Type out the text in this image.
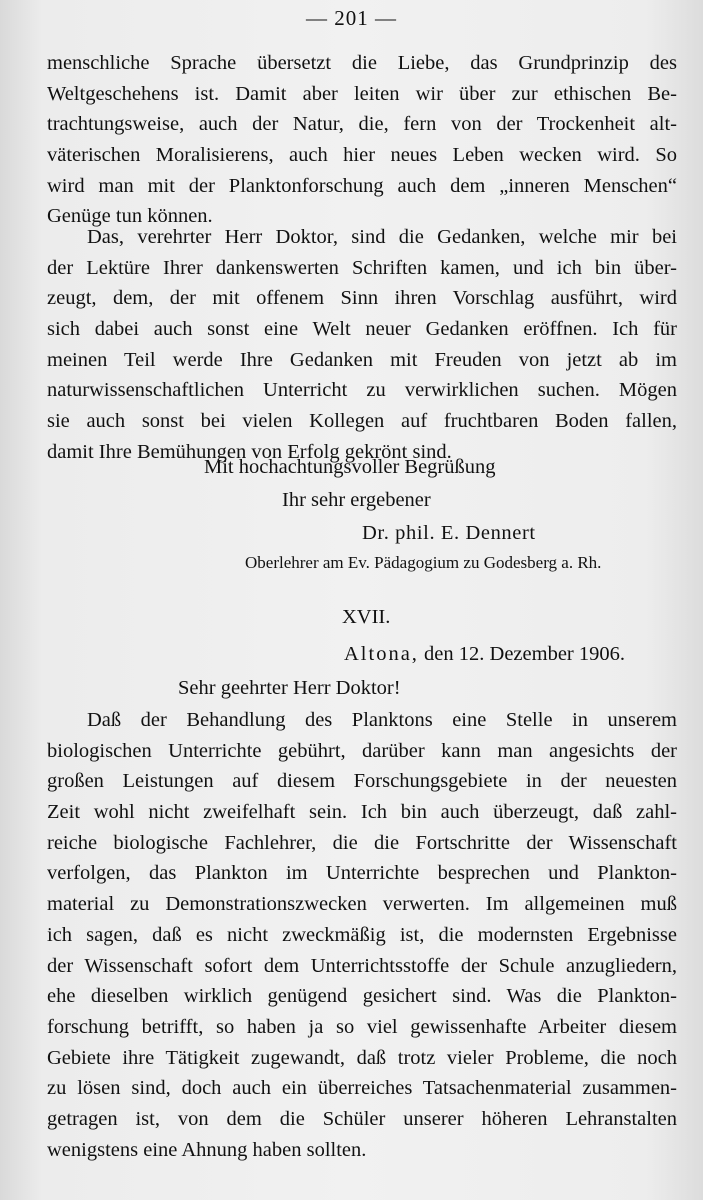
— 201 —
menschliche Sprache übersetzt die Liebe, das Grundprinzip des
Weltgeschehens ist. Damit aber leiten wir über zur ethischen Be-
trachtungsweise, auch der Natur, die, fern von der Trockenheit alt-
väterischen Moralisierens, auch hier neues Leben wecken wird. So
wird man mit der Planktonforschung auch dem „inneren Menschen“
Genüge tun können.
Das, verehrter Herr Doktor, sind die Gedanken, welche mir bei
der Lektüre Ihrer dankenswerten Schriften kamen, und ich bin über-
zeugt, dem, der mit offenem Sinn ihren Vorschlag ausführt, wird
sich dabei auch sonst eine Welt neuer Gedanken eröffnen. Ich für
meinen Teil werde Ihre Gedanken mit Freuden von jetzt ab im
naturwissenschaftlichen Unterricht zu verwirklichen suchen. Mögen
sie auch sonst bei vielen Kollegen auf fruchtbaren Boden fallen,
damit Ihre Bemühungen von Erfolg gekrönt sind.
Mit hochachtungsvoller Begrüßung
Ihr sehr ergebener
Dr. phil. E. Dennert
Oberlehrer am Ev. Pädagogium zu Godesberg a. Rh.
XVII.
Altona, den 12. Dezember 1906.
Sehr geehrter Herr Doktor!
Daß der Behandlung des Planktons eine Stelle in unserem
biologischen Unterrichte gebührt, darüber kann man angesichts der
großen Leistungen auf diesem Forschungsgebiete in der neuesten
Zeit wohl nicht zweifelhaft sein. Ich bin auch überzeugt, daß zahl-
reiche biologische Fachlehrer, die die Fortschritte der Wissenschaft
verfolgen, das Plankton im Unterrichte besprechen und Plankton-
material zu Demonstrationszwecken verwerten. Im allgemeinen muß
ich sagen, daß es nicht zweckmäßig ist, die modernsten Ergebnisse
der Wissenschaft sofort dem Unterrichtsstoffe der Schule anzugliedern,
ehe dieselben wirklich genügend gesichert sind. Was die Plankton-
forschung betrifft, so haben ja so viel gewissenhafte Arbeiter diesem
Gebiete ihre Tätigkeit zugewandt, daß trotz vieler Probleme, die noch
zu lösen sind, doch auch ein überreiches Tatsachenmaterial zusammen-
getragen ist, von dem die Schüler unserer höheren Lehranstalten
wenigstens eine Ahnung haben sollten.
